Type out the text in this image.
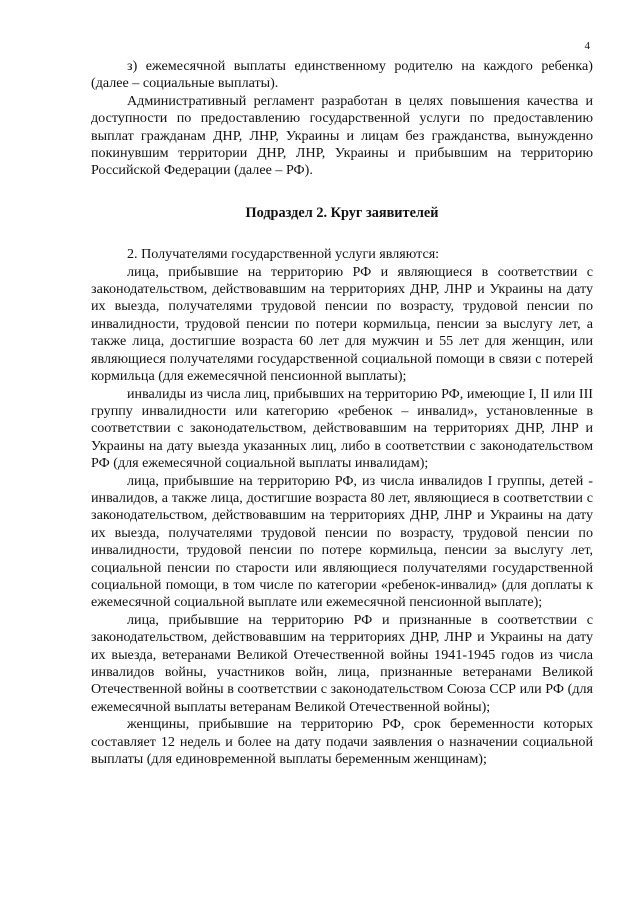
4

з) ежемесячной выплаты единственному родителю на каждого ребенка) (далее – социальные выплаты).

Административный регламент разработан в целях повышения качества и доступности по предоставлению государственной услуги по предоставлению выплат гражданам ДНР, ЛНР, Украины и лицам без гражданства, вынужденно покинувшим территории ДНР, ЛНР, Украины и прибывшим на территорию Российской Федерации (далее – РФ).

Подраздел 2. Круг заявителей

2. Получателями государственной услуги являются:

лица, прибывшие на территорию РФ и являющиеся в соответствии с законодательством, действовавшим на территориях ДНР, ЛНР и Украины на дату их выезда, получателями трудовой пенсии по возрасту, трудовой пенсии по инвалидности, трудовой пенсии по потери кормильца, пенсии за выслугу лет, а также лица, достигшие возраста 60 лет для мужчин и 55 лет для женщин, или являющиеся получателями государственной социальной помощи в связи с потерей кормильца (для ежемесячной пенсионной выплаты);

инвалиды из числа лиц, прибывших на территорию РФ, имеющие I, II или III группу инвалидности или категорию «ребенок – инвалид», установленные в соответствии с законодательством, действовавшим на территориях ДНР, ЛНР и Украины на дату выезда указанных лиц, либо в соответствии с законодательством РФ (для ежемесячной социальной выплаты инвалидам);

лица, прибывшие на территорию РФ, из числа инвалидов I группы, детей - инвалидов, а также лица, достигшие возраста 80 лет, являющиеся в соответствии с законодательством, действовавшим на территориях ДНР, ЛНР и Украины на дату их выезда, получателями трудовой пенсии по возрасту, трудовой пенсии по инвалидности, трудовой пенсии по потере кормильца, пенсии за выслугу лет, социальной пенсии по старости или являющиеся получателями государственной социальной помощи, в том числе по категории «ребенок-инвалид» (для доплаты к ежемесячной социальной выплате или ежемесячной пенсионной выплате);

лица, прибывшие на территорию РФ и признанные в соответствии с законодательством, действовавшим на территориях ДНР, ЛНР и Украины на дату их выезда, ветеранами Великой Отечественной войны 1941-1945 годов из числа инвалидов войны, участников войн, лица, признанные ветеранами Великой Отечественной войны в соответствии с законодательством Союза ССР или РФ (для ежемесячной выплаты ветеранам Великой Отечественной войны);

женщины, прибывшие на территорию РФ, срок беременности которых составляет 12 недель и более на дату подачи заявления о назначении социальной выплаты (для единовременной выплаты беременным женщинам);
